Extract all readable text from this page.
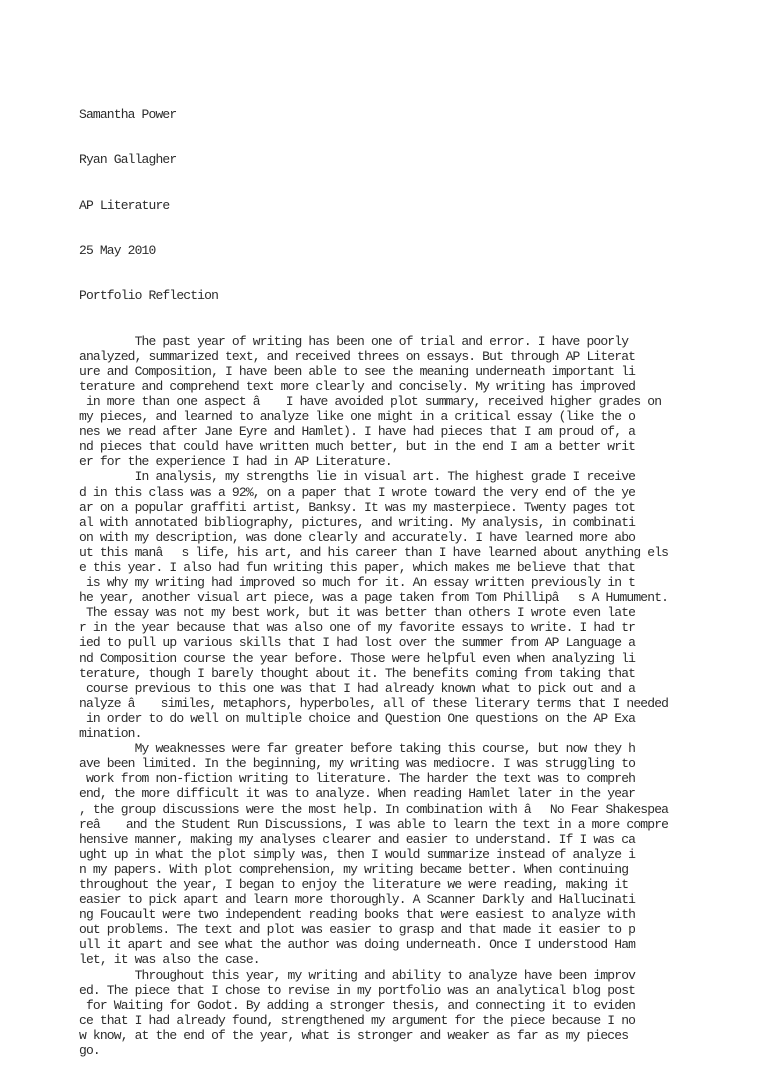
Samantha Power

Ryan Gallagher

AP Literature

25 May 2010

Portfolio Reflection

The past year of writing has been one of trial and error. I have poorly
analyzed, summarized text, and received threes on essays. But through AP Literat
ure and Composition, I have been able to see the meaning underneath important li
terature and comprehend text more clearly and concisely. My writing has improved
in more than one aspect â I have avoided plot summary, received higher grades on
my pieces, and learned to analyze like one might in a critical essay (like the o
nes we read after Jane Eyre and Hamlet). I have had pieces that I am proud of, a
nd pieces that could have written much better, but in the end I am a better writ
er for the experience I had in AP Literature.
In analysis, my strengths lie in visual art. The highest grade I receive
d in this class was a 92%, on a paper that I wrote toward the very end of the ye
ar on a popular graffiti artist, Banksy. It was my masterpiece. Twenty pages tot
al with annotated bibliography, pictures, and writing. My analysis, in combinati
on with my description, was done clearly and accurately. I have learned more abo
ut this manâs life, his art, and his career than I have learned about anything els
e this year. I also had fun writing this paper, which makes me believe that that
is why my writing had improved so much for it. An essay written previously in t
he year, another visual art piece, was a page taken from Tom Phillipâs A Humument.
The essay was not my best work, but it was better than others I wrote even late
r in the year because that was also one of my favorite essays to write. I had tr
ied to pull up various skills that I had lost over the summer from AP Language a
nd Composition course the year before. Those were helpful even when analyzing li
terature, though I barely thought about it. The benefits coming from taking that
course previous to this one was that I had already known what to pick out and a
nalyze â similes, metaphors, hyperboles, all of these literary terms that I needed
in order to do well on multiple choice and Question One questions on the AP Exa
mination.
My weaknesses were far greater before taking this course, but now they h
ave been limited. In the beginning, my writing was mediocre. I was struggling to
work from non-fiction writing to literature. The harder the text was to compreh
end, the more difficult it was to analyze. When reading Hamlet later in the year
, the group discussions were the most help. In combination with âNo Fear Shakespea
reâ and the Student Run Discussions, I was able to learn the text in a more compre
hensive manner, making my analyses clearer and easier to understand. If I was ca
ught up in what the plot simply was, then I would summarize instead of analyze i
n my papers. With plot comprehension, my writing became better. When continuing
throughout the year, I began to enjoy the literature we were reading, making it
easier to pick apart and learn more thoroughly. A Scanner Darkly and Hallucinati
ng Foucault were two independent reading books that were easiest to analyze with
out problems. The text and plot was easier to grasp and that made it easier to p
ull it apart and see what the author was doing underneath. Once I understood Ham
let, it was also the case.
Throughout this year, my writing and ability to analyze have been improv
ed. The piece that I chose to revise in my portfolio was an analytical blog post
for Waiting for Godot. By adding a stronger thesis, and connecting it to eviden
ce that I had already found, strengthened my argument for the piece because I no
w know, at the end of the year, what is stronger and weaker as far as my pieces
go.
